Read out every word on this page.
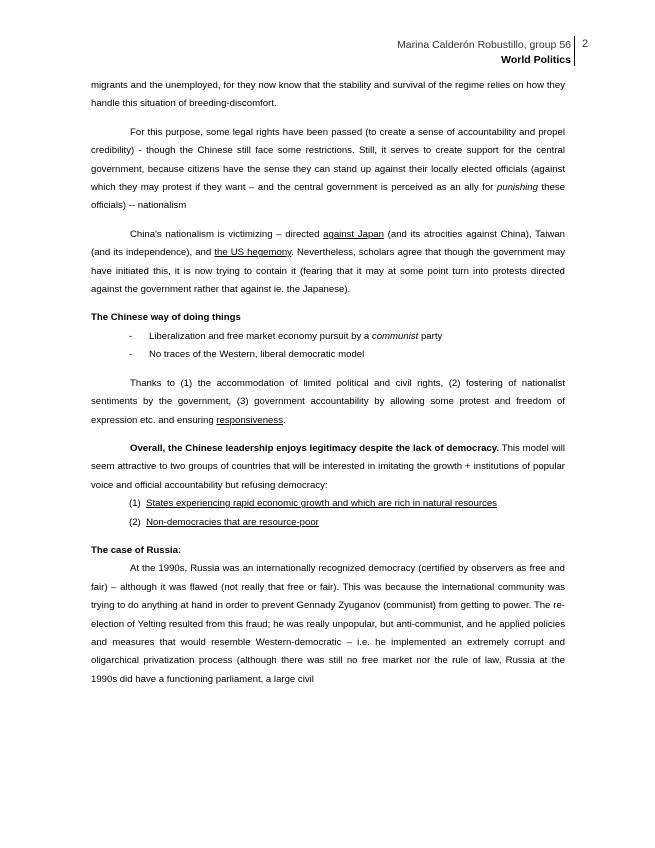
Marina Calderón Robustillo, group 56
World Politics
2

migrants and the unemployed, for they now know that the stability and survival of the regime relies on how they handle this situation of breeding-discomfort.

For this purpose, some legal rights have been passed (to create a sense of accountability and propel credibility) - though the Chinese still face some restrictions. Still, it serves to create support for the central government, because citizens have the sense they can stand up against their locally elected officials (against which they may protest if they want – and the central government is perceived as an ally for punishing these officials) -- nationalism

China's nationalism is victimizing – directed against Japan (and its atrocities against China), Taiwan (and its independence), and the US hegemony. Nevertheless, scholars agree that though the government may have initiated this, it is now trying to contain it (fearing that it may at some point turn into protests directed against the government rather that against ie. the Japanese).

The Chinese way of doing things

- Liberalization and free market economy pursuit by a communist party
- No traces of the Western, liberal democratic model

Thanks to (1) the accommodation of limited political and civil rights, (2) fostering of nationalist sentiments by the government, (3) government accountability by allowing some protest and freedom of expression etc. and ensuring responsiveness.

Overall, the Chinese leadership enjoys legitimacy despite the lack of democracy. This model will seem attractive to two groups of countries that will be interested in imitating the growth + institutions of popular voice and official accountability but refusing democracy:

(1) States experiencing rapid economic growth and which are rich in natural resources
(2) Non-democracies that are resource-poor

The case of Russia:

At the 1990s, Russia was an internationally recognized democracy (certified by observers as free and fair) – although it was flawed (not really that free or fair). This was because the international community was trying to do anything at hand in order to prevent Gennady Zyuganov (communist) from getting to power. The re-election of Yelting resulted from this fraud; he was really unpopular, but anti-communist, and he applied policies and measures that would resemble Western-democratic – i.e. he implemented an extremely corrupt and oligarchical privatization process (although there was still no free market nor the rule of law, Russia at the 1990s did have a functioning parliament, a large civil
